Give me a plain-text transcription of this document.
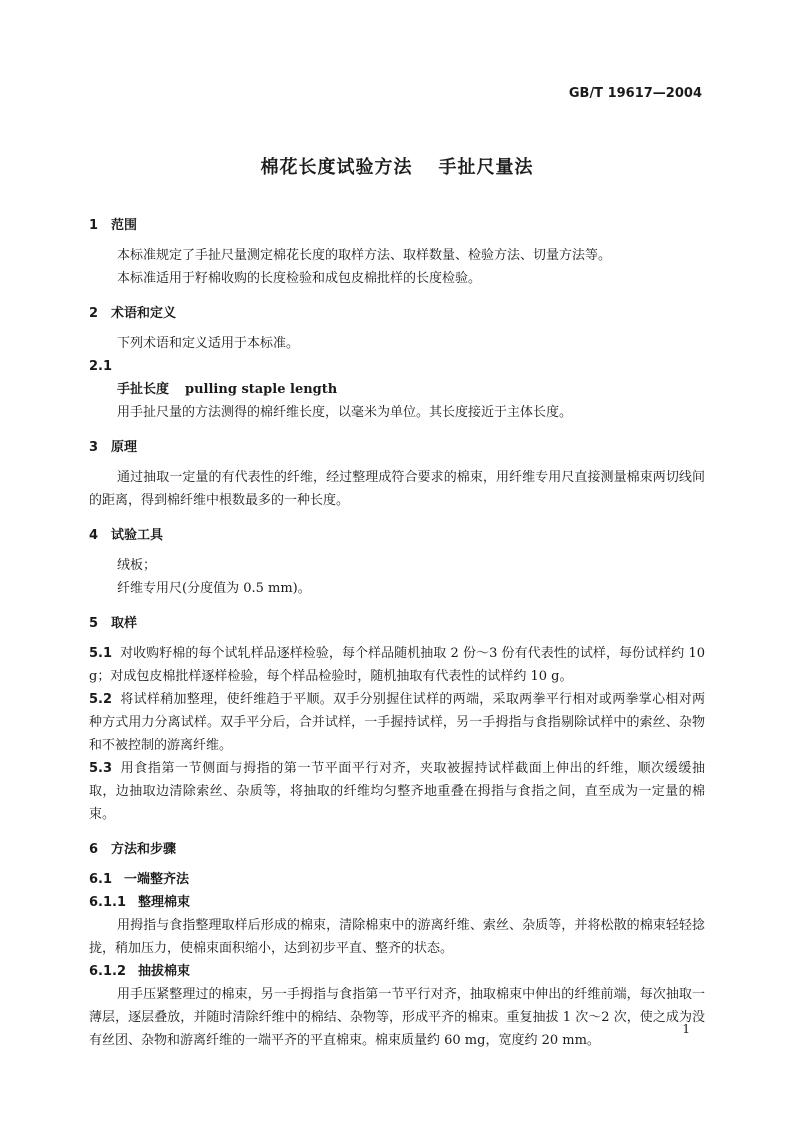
GB/T 19617—2004
棉花长度试验方法 手扯尺量法
1 范围
本标准规定了手扯尺量测定棉花长度的取样方法、取样数量、检验方法、切量方法等。
本标准适用于籽棉收购的长度检验和成包皮棉批样的长度检验。
2 术语和定义
下列术语和定义适用于本标准。
2.1
手扯长度 pulling staple length
用手扯尺量的方法测得的棉纤维长度，以毫米为单位。其长度接近于主体长度。
3 原理
通过抽取一定量的有代表性的纤维，经过整理成符合要求的棉束，用纤维专用尺直接测量棉束两切线间的距离，得到棉纤维中根数最多的一种长度。
4 试验工具
绒板；
纤维专用尺(分度值为 0.5 mm)。
5 取样
5.1 对收购籽棉的每个试轧样品逐样检验，每个样品随机抽取 2 份～3 份有代表性的试样，每份试样约 10 g；对成包皮棉批样逐样检验，每个样品检验时，随机抽取有代表性的试样约 10 g。
5.2 将试样稍加整理，使纤维趋于平顺。双手分别握住试样的两端，采取两拳平行相对或两拳掌心相对两种方式用力分离试样。双手平分后，合并试样，一手握持试样，另一手拇指与食指剔除试样中的索丝、杂物和不被控制的游离纤维。
5.3 用食指第一节侧面与拇指的第一节平面平行对齐，夹取被握持试样截面上伸出的纤维，顺次缓缓抽取，边抽取边清除索丝、杂质等，将抽取的纤维均匀整齐地重叠在拇指与食指之间，直至成为一定量的棉束。
6 方法和步骤
6.1 一端整齐法
6.1.1 整理棉束
用拇指与食指整理取样后形成的棉束，清除棉束中的游离纤维、索丝、杂质等，并将松散的棉束轻轻捻拢，稍加压力，使棉束面积缩小，达到初步平直、整齐的状态。
6.1.2 抽拔棉束
用手压紧整理过的棉束，另一手拇指与食指第一节平行对齐，抽取棉束中伸出的纤维前端，每次抽取一薄层，逐层叠放，并随时清除纤维中的棉结、杂物等，形成平齐的棉束。重复抽拔 1 次～2 次，使之成为没有丝团、杂物和游离纤维的一端平齐的平直棉束。棉束质量约 60 mg，宽度约 20 mm。
1
